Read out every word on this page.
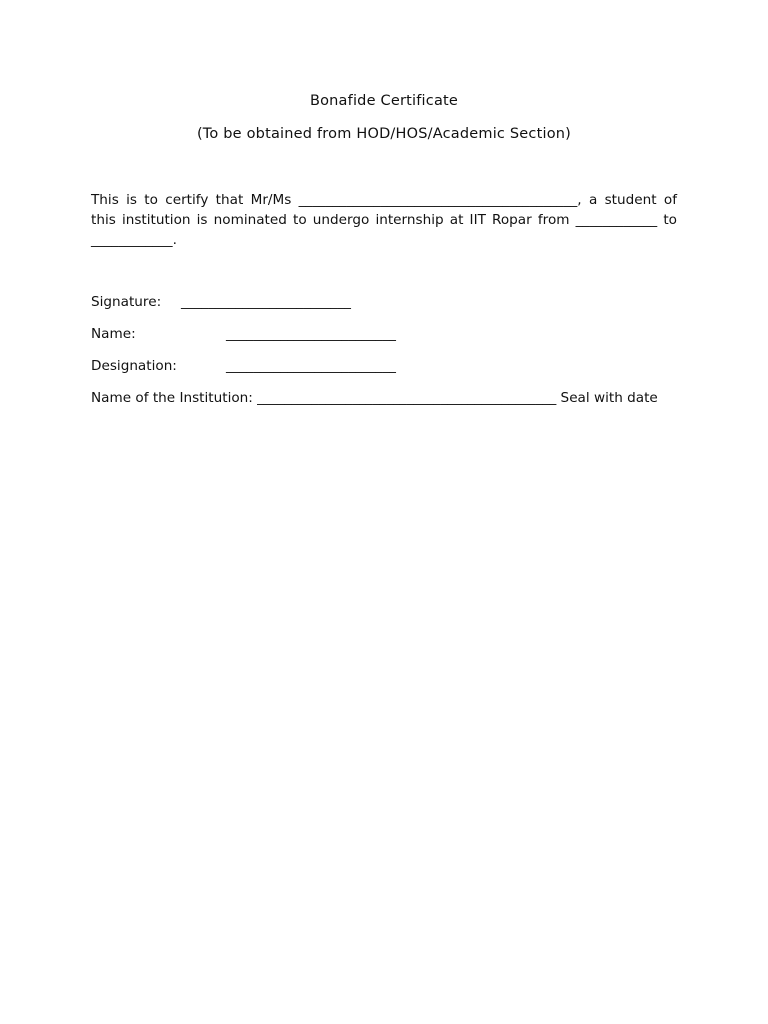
Bonafide Certificate
(To be obtained from HOD/HOS/Academic Section)
This is to certify that Mr/Ms _________________________________________, a student of this institution is nominated to undergo internship at IIT Ropar from ____________ to ____________.

Signature:

_________________________

Name:

	_________________________

Designation:

	_________________________

Name of the Institution: ____________________________________________ Seal with date
